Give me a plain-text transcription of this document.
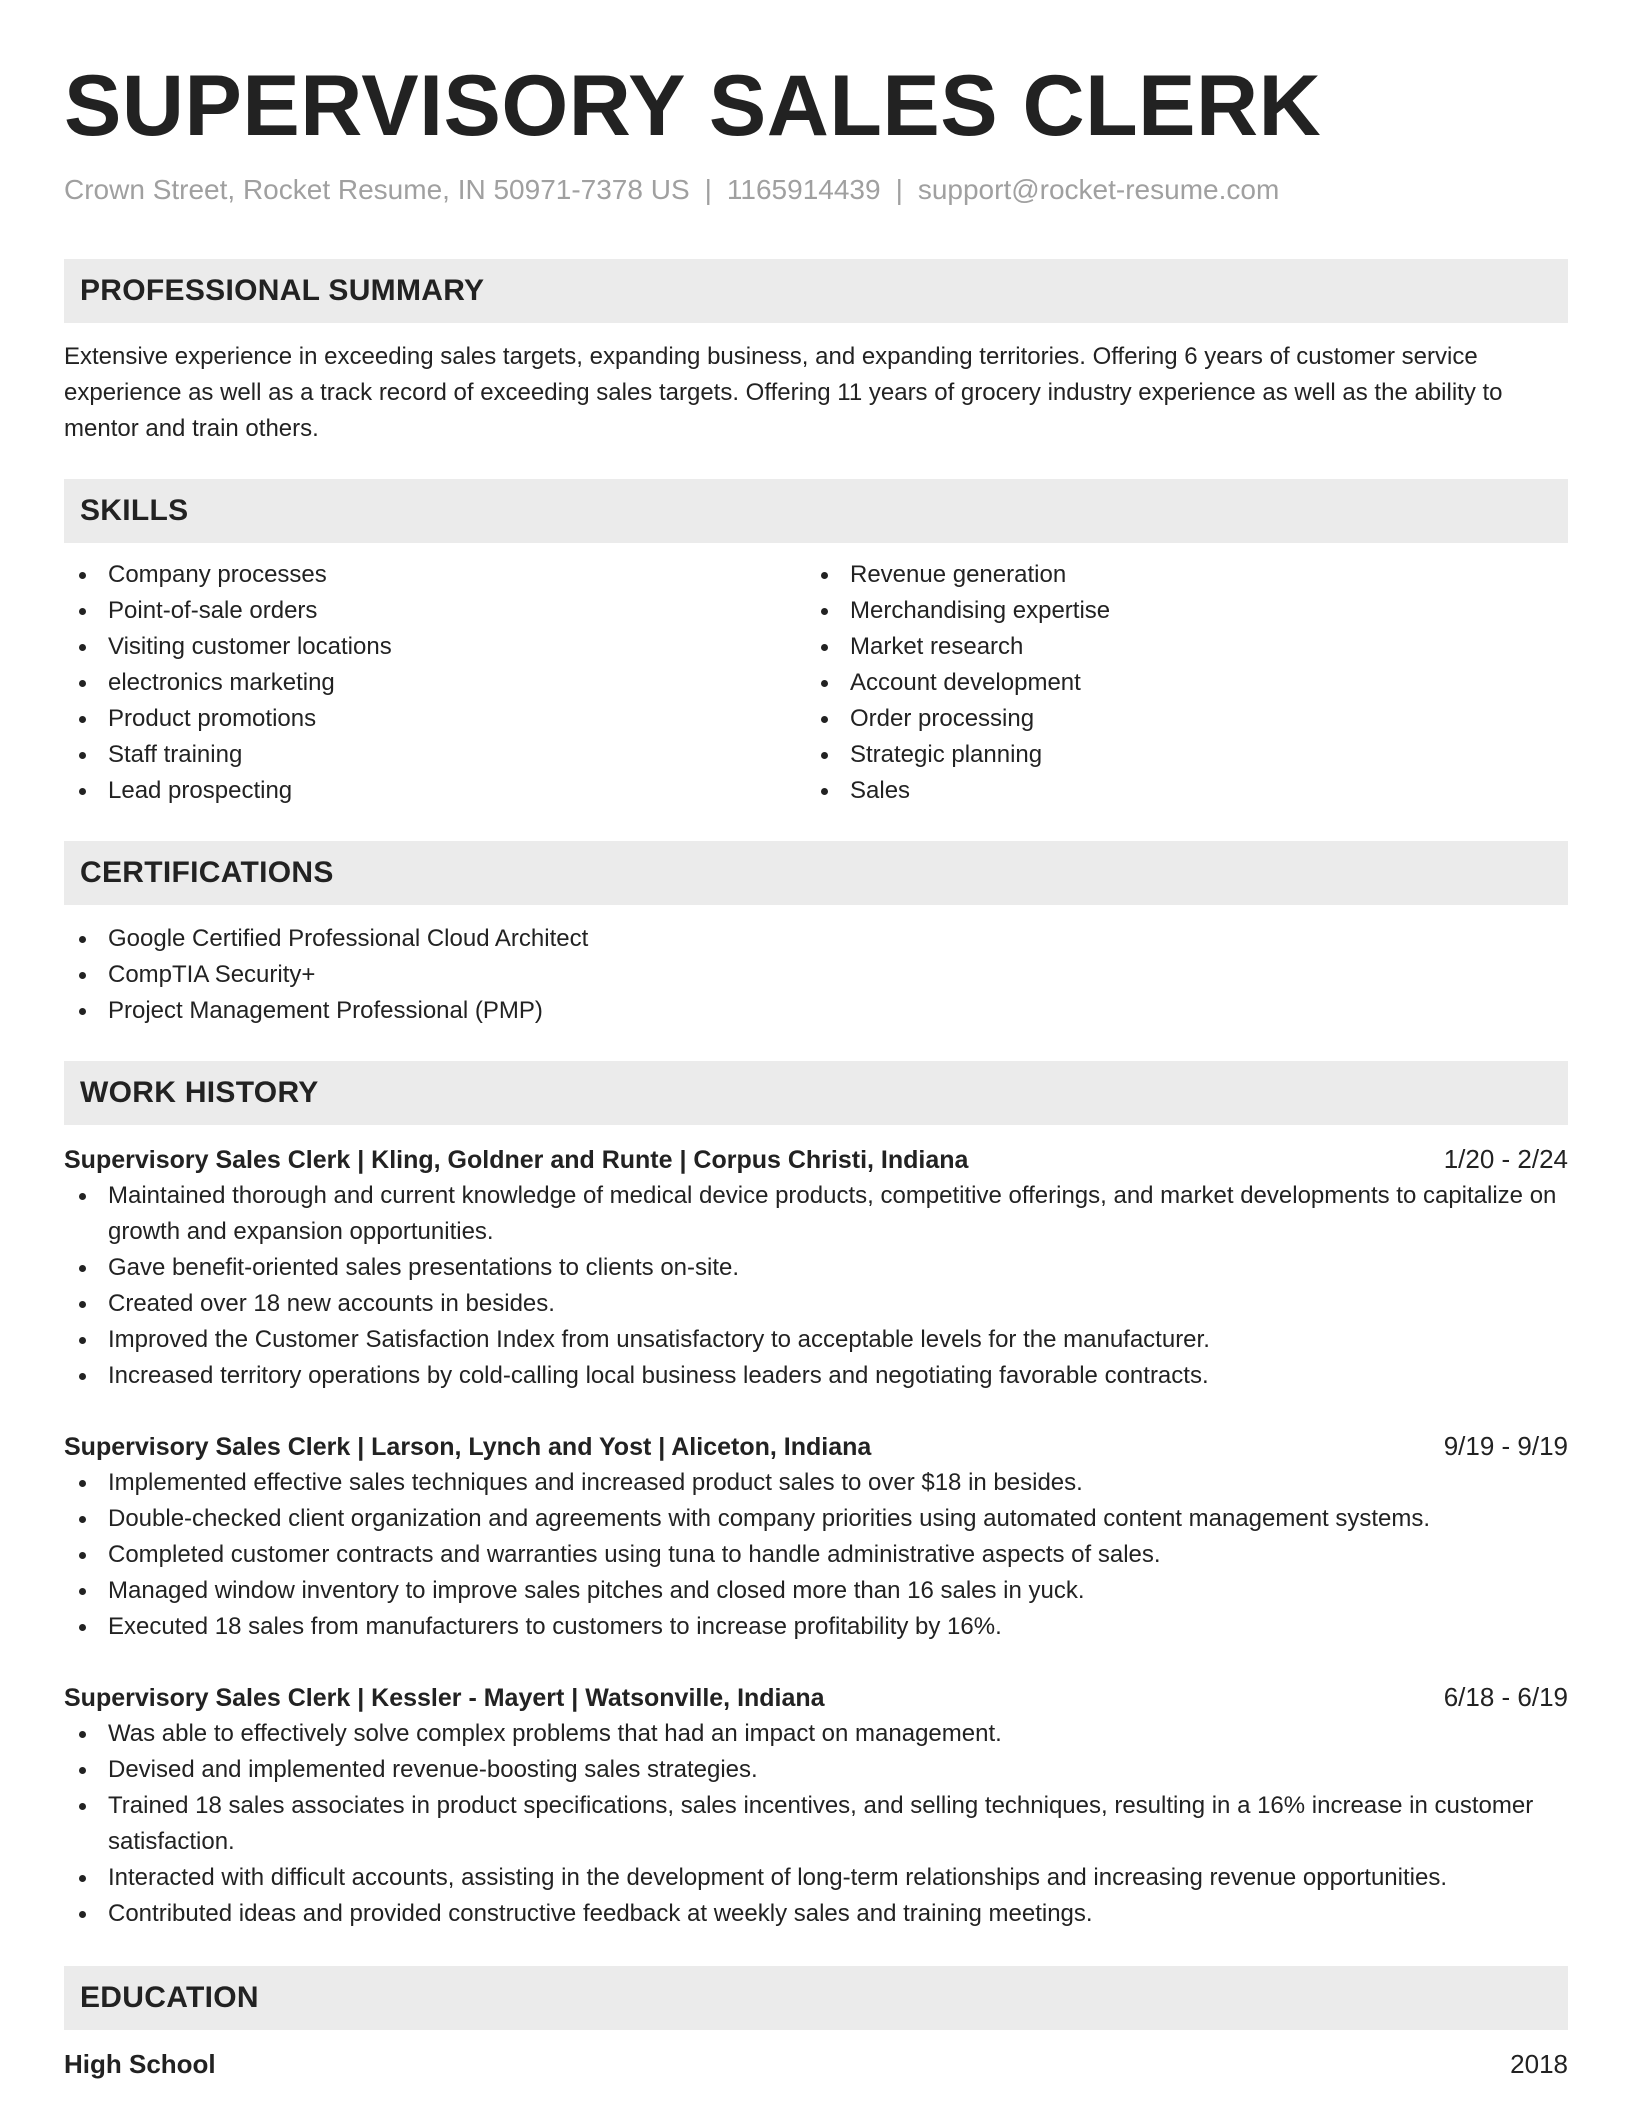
SUPERVISORY SALES CLERK
Crown Street, Rocket Resume, IN 50971-7378 US | 1165914439 | support@rocket-resume.com
PROFESSIONAL SUMMARY
Extensive experience in exceeding sales targets, expanding business, and expanding territories. Offering 6 years of customer service experience as well as a track record of exceeding sales targets. Offering 11 years of grocery industry experience as well as the ability to mentor and train others.
SKILLS
Company processes
Point-of-sale orders
Visiting customer locations
electronics marketing
Product promotions
Staff training
Lead prospecting
Revenue generation
Merchandising expertise
Market research
Account development
Order processing
Strategic planning
Sales
CERTIFICATIONS
Google Certified Professional Cloud Architect
CompTIA Security+
Project Management Professional (PMP)
WORK HISTORY
Supervisory Sales Clerk | Kling, Goldner and Runte | Corpus Christi, Indiana	1/20 - 2/24
Maintained thorough and current knowledge of medical device products, competitive offerings, and market developments to capitalize on growth and expansion opportunities.
Gave benefit-oriented sales presentations to clients on-site.
Created over 18 new accounts in besides.
Improved the Customer Satisfaction Index from unsatisfactory to acceptable levels for the manufacturer.
Increased territory operations by cold-calling local business leaders and negotiating favorable contracts.
Supervisory Sales Clerk | Larson, Lynch and Yost | Aliceton, Indiana	9/19 - 9/19
Implemented effective sales techniques and increased product sales to over $18 in besides.
Double-checked client organization and agreements with company priorities using automated content management systems.
Completed customer contracts and warranties using tuna to handle administrative aspects of sales.
Managed window inventory to improve sales pitches and closed more than 16 sales in yuck.
Executed 18 sales from manufacturers to customers to increase profitability by 16%.
Supervisory Sales Clerk | Kessler - Mayert | Watsonville, Indiana	6/18 - 6/19
Was able to effectively solve complex problems that had an impact on management.
Devised and implemented revenue-boosting sales strategies.
Trained 18 sales associates in product specifications, sales incentives, and selling techniques, resulting in a 16% increase in customer satisfaction.
Interacted with difficult accounts, assisting in the development of long-term relationships and increasing revenue opportunities.
Contributed ideas and provided constructive feedback at weekly sales and training meetings.
EDUCATION
High School	2018
